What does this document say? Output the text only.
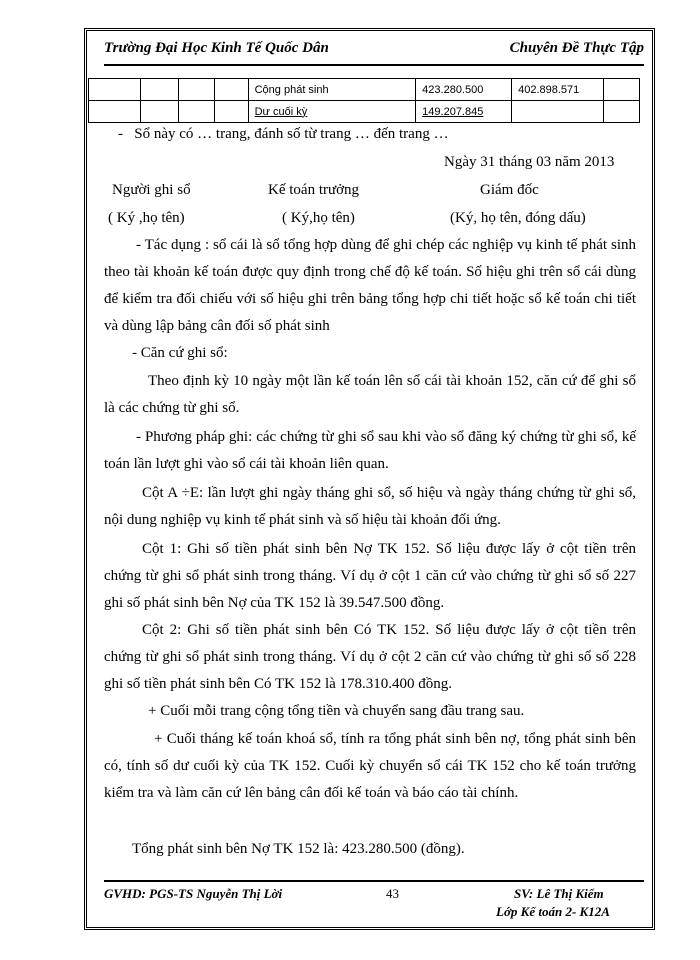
Trường Đại Học Kinh Tế Quốc Dân	Chuyên Đề Thực Tập
				Cộng phát sinh	423.280.500	402.898.571	
				Dư cuối kỳ	149.207.845		
-   Sổ này có … trang, đánh số từ trang … đến trang …
Ngày 31 tháng 03 năm 2013
Người ghi sổ	Kế toán trưởng	Giám đốc
( Ký ,họ tên)	( Ký,họ tên)	(Ký, họ tên, đóng dấu)
- Tác dụng : sổ cái là sổ tổng hợp dùng để ghi chép các nghiệp vụ kinh tế phát sinh theo tài khoản kế toán được quy định trong chế độ kế toán. Số hiệu ghi trên sổ cái dùng để kiểm tra đối chiếu với số hiệu ghi trên bảng tổng hợp chi tiết hoặc sổ kế toán chi tiết và dùng lập bảng cân đối số phát sinh
- Căn cứ ghi sổ:
Theo định kỳ 10 ngày một lần kế toán lên sổ cái tài khoản 152, căn cứ để ghi sổ là các chứng từ ghi sổ.
- Phương pháp ghi: các chứng từ ghi sổ sau khi vào sổ đăng ký chứng từ ghi sổ, kế toán lần lượt ghi vào sổ cái tài khoản liên quan.
Cột A ÷E: lần lượt ghi ngày tháng ghi sổ, số hiệu và ngày tháng chứng từ ghi sổ, nội dung nghiệp vụ kinh tế phát sinh và số hiệu tài khoản đối ứng.
Cột 1: Ghi số tiền phát sinh bên Nợ TK 152. Số liệu được lấy ở cột tiền trên chứng từ ghi sổ phát sinh trong tháng. Ví dụ ở cột 1 căn cứ vào chứng từ ghi sổ số 227 ghi số phát sinh bên Nợ của TK 152 là 39.547.500 đồng.
Cột 2: Ghi số tiền phát sinh bên Có TK 152. Số liệu được lấy ở cột tiền trên chứng từ ghi sổ phát sinh trong tháng. Ví dụ ở cột 2 căn cứ vào chứng từ ghi sổ số 228 ghi số tiền phát sinh bên Có TK 152 là 178.310.400 đồng.
+ Cuối mỗi trang cộng tổng tiền và chuyển sang đầu trang sau.
+ Cuối tháng kế toán khoá sổ, tính ra tổng phát sinh bên nợ, tổng phát sinh bên có, tính số dư cuối kỳ của TK 152. Cuối kỳ chuyển sổ cái TK 152 cho kế toán trưởng kiểm tra và làm căn cứ lên bảng cân đối kế toán và báo cáo tài chính.
Tổng phát sinh bên Nợ TK 152 là: 423.280.500 (đồng).
GVHD: PGS-TS Nguyễn Thị Lời	43	SV: Lê Thị Kiểm
Lớp Kế toán 2- K12A
